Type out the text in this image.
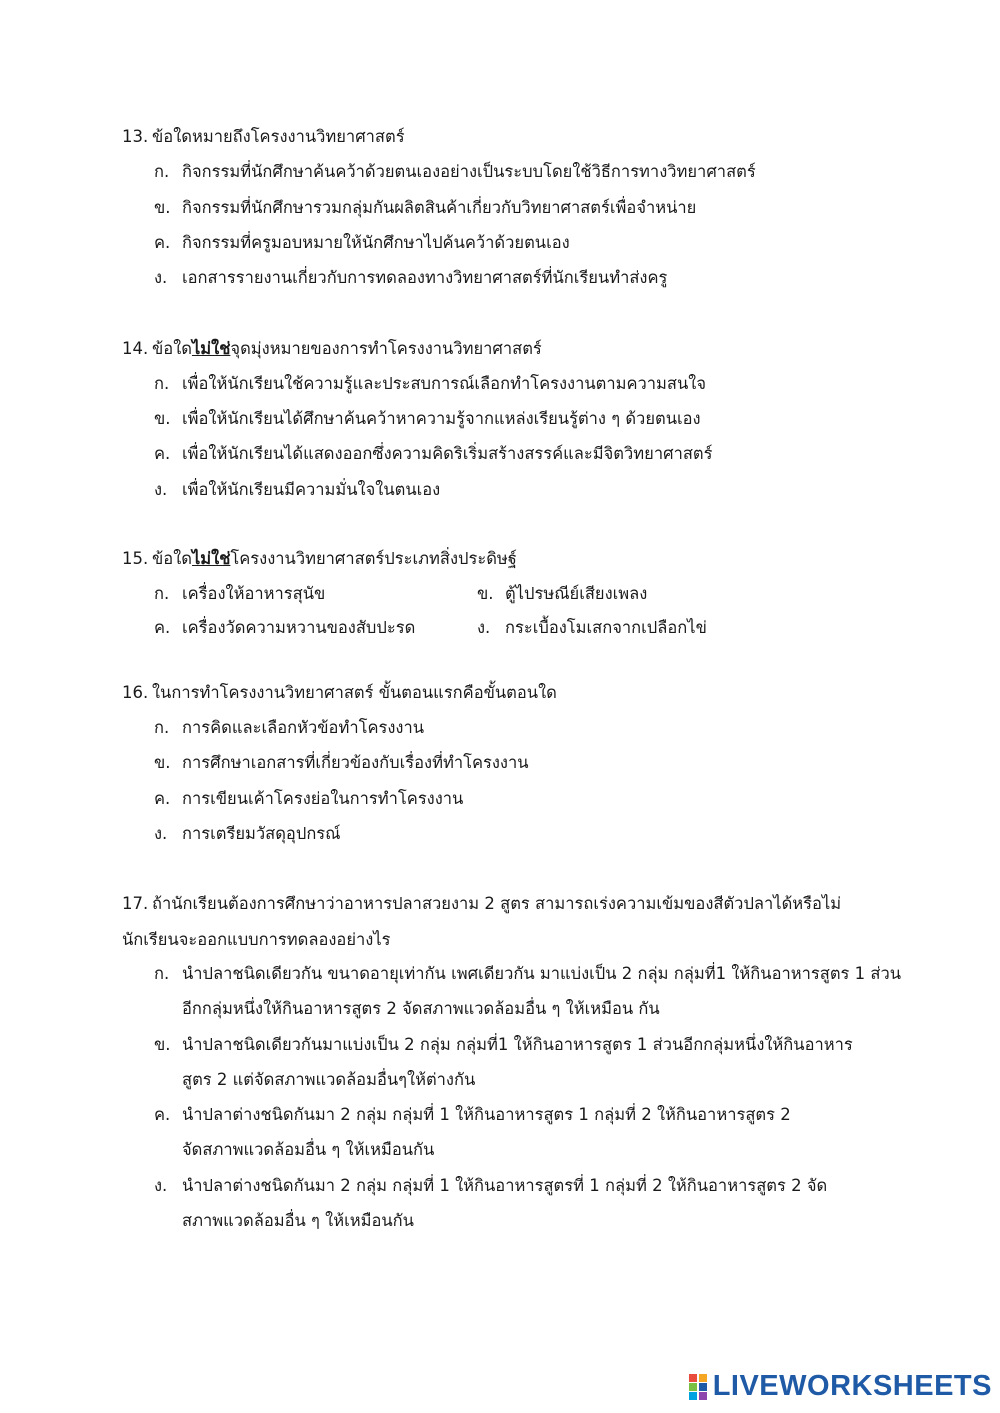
13. ข้อใดหมายถึงโครงงานวิทยาศาสตร์
ก. กิจกรรมที่นักศึกษาค้นคว้าด้วยตนเองอย่างเป็นระบบโดยใช้วิธีการทางวิทยาศาสตร์
ข. กิจกรรมที่นักศึกษารวมกลุ่มกันผลิตสินค้าเกี่ยวกับวิทยาศาสตร์เพื่อจำหน่าย
ค. กิจกรรมที่ครูมอบหมายให้นักศึกษาไปค้นคว้าด้วยตนเอง
ง. เอกสารรายงานเกี่ยวกับการทดลองทางวิทยาศาสตร์ที่นักเรียนทำส่งครู
14. ข้อใดไม่ใช่จุดมุ่งหมายของการทำโครงงานวิทยาศาสตร์
ก. เพื่อให้นักเรียนใช้ความรู้และประสบการณ์เลือกทำโครงงานตามความสนใจ
ข. เพื่อให้นักเรียนได้ศึกษาค้นคว้าหาความรู้จากแหล่งเรียนรู้ต่าง ๆ ด้วยตนเอง
ค. เพื่อให้นักเรียนได้แสดงออกซึ่งความคิดริเริ่มสร้างสรรค์และมีจิตวิทยาศาสตร์
ง. เพื่อให้นักเรียนมีความมั่นใจในตนเอง
15. ข้อใดไม่ใช่โครงงานวิทยาศาสตร์ประเภทสิ่งประดิษฐ์
ก. เครื่องให้อาหารสุนัข	ข. ตู้ไปรษณีย์เสียงเพลง
ค. เครื่องวัดความหวานของสับปะรด	ง. กระเบื้องโมเสกจากเปลือกไข่
16. ในการทำโครงงานวิทยาศาสตร์ ขั้นตอนแรกคือขั้นตอนใด
ก. การคิดและเลือกหัวข้อทำโครงงาน
ข. การศึกษาเอกสารที่เกี่ยวข้องกับเรื่องที่ทำโครงงาน
ค. การเขียนเค้าโครงย่อในการทำโครงงาน
ง. การเตรียมวัสดุอุปกรณ์
17. ถ้านักเรียนต้องการศึกษาว่าอาหารปลาสวยงาม 2 สูตร สามารถเร่งความเข้มของสีตัวปลาได้หรือไม่
นักเรียนจะออกแบบการทดลองอย่างไร
ก. นำปลาชนิดเดียวกัน ขนาดอายุเท่ากัน เพศเดียวกัน มาแบ่งเป็น 2 กลุ่ม กลุ่มที่1 ให้กินอาหารสูตร 1 ส่วน
อีกกลุ่มหนึ่งให้กินอาหารสูตร 2 จัดสภาพแวดล้อมอื่น ๆ ให้เหมือน กัน
ข. นำปลาชนิดเดียวกันมาแบ่งเป็น 2 กลุ่ม กลุ่มที่1 ให้กินอาหารสูตร 1 ส่วนอีกกลุ่มหนึ่งให้กินอาหาร
สูตร 2 แต่จัดสภาพแวดล้อมอื่นๆให้ต่างกัน
ค. นำปลาต่างชนิดกันมา 2 กลุ่ม กลุ่มที่ 1 ให้กินอาหารสูตร 1 กลุ่มที่ 2 ให้กินอาหารสูตร 2
จัดสภาพแวดล้อมอื่น ๆ ให้เหมือนกัน
ง. นำปลาต่างชนิดกันมา 2 กลุ่ม กลุ่มที่ 1 ให้กินอาหารสูตรที่ 1 กลุ่มที่ 2 ให้กินอาหารสูตร 2 จัด
สภาพแวดล้อมอื่น ๆ ให้เหมือนกัน
LIVEWORKSHEETS
